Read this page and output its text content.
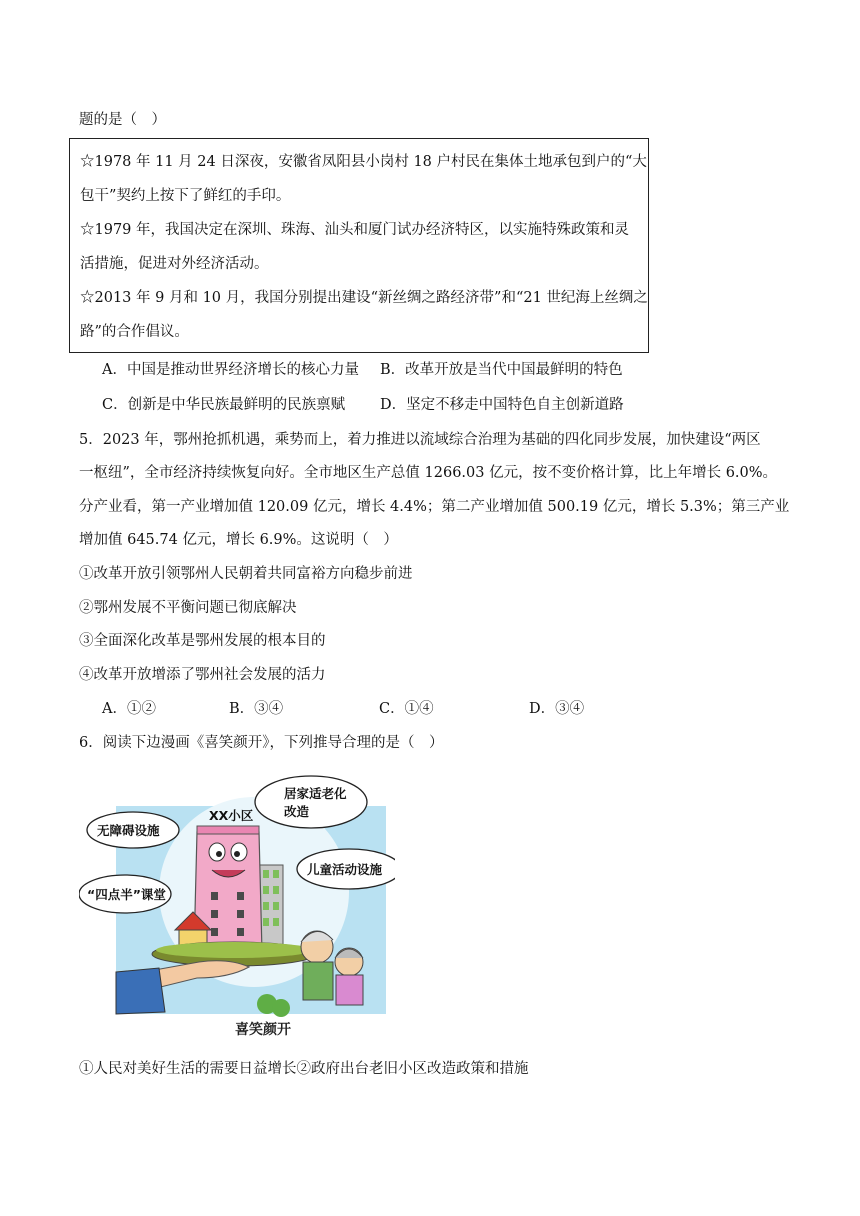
题的是（　）
☆1978 年 11 月 24 日深夜，安徽省凤阳县小岗村 18 户村民在集体土地承包到户的“大
包干”契约上按下了鲜红的手印。
☆1979 年，我国决定在深圳、珠海、汕头和厦门试办经济特区，以实施特殊政策和灵
活措施，促进对外经济活动。
☆2013 年 9 月和 10 月，我国分别提出建设“新丝绸之路经济带”和“21 世纪海上丝绸之
路”的合作倡议。
A．中国是推动世界经济增长的核心力量 B．改革开放是当代中国最鲜明的特色
C．创新是中华民族最鲜明的民族禀赋 D．坚定不移走中国特色自主创新道路
5．2023 年，鄂州抢抓机遇，乘势而上，着力推进以流域综合治理为基础的四化同步发展，加快建设“两区
一枢纽”，全市经济持续恢复向好。全市地区生产总值 1266.03 亿元，按不变价格计算，比上年增长 6.0%。
分产业看，第一产业增加值 120.09 亿元，增长 4.4%；第二产业增加值 500.19 亿元，增长 5.3%；第三产业
增加值 645.74 亿元，增长 6.9%。这说明（　）
①改革开放引领鄂州人民朝着共同富裕方向稳步前进
②鄂州发展不平衡问题已彻底解决
③全面深化改革是鄂州发展的根本目的
④改革开放增添了鄂州社会发展的活力
A．①②	B．③④	C．①④	D．③④
6．阅读下边漫画《喜笑颜开》，下列推导合理的是（　）
XX小区
居家适老化
改造
无障碍设施
儿童活动设施
“四点半”课堂
喜笑颜开
①人民对美好生活的需要日益增长②政府出台老旧小区改造政策和措施
